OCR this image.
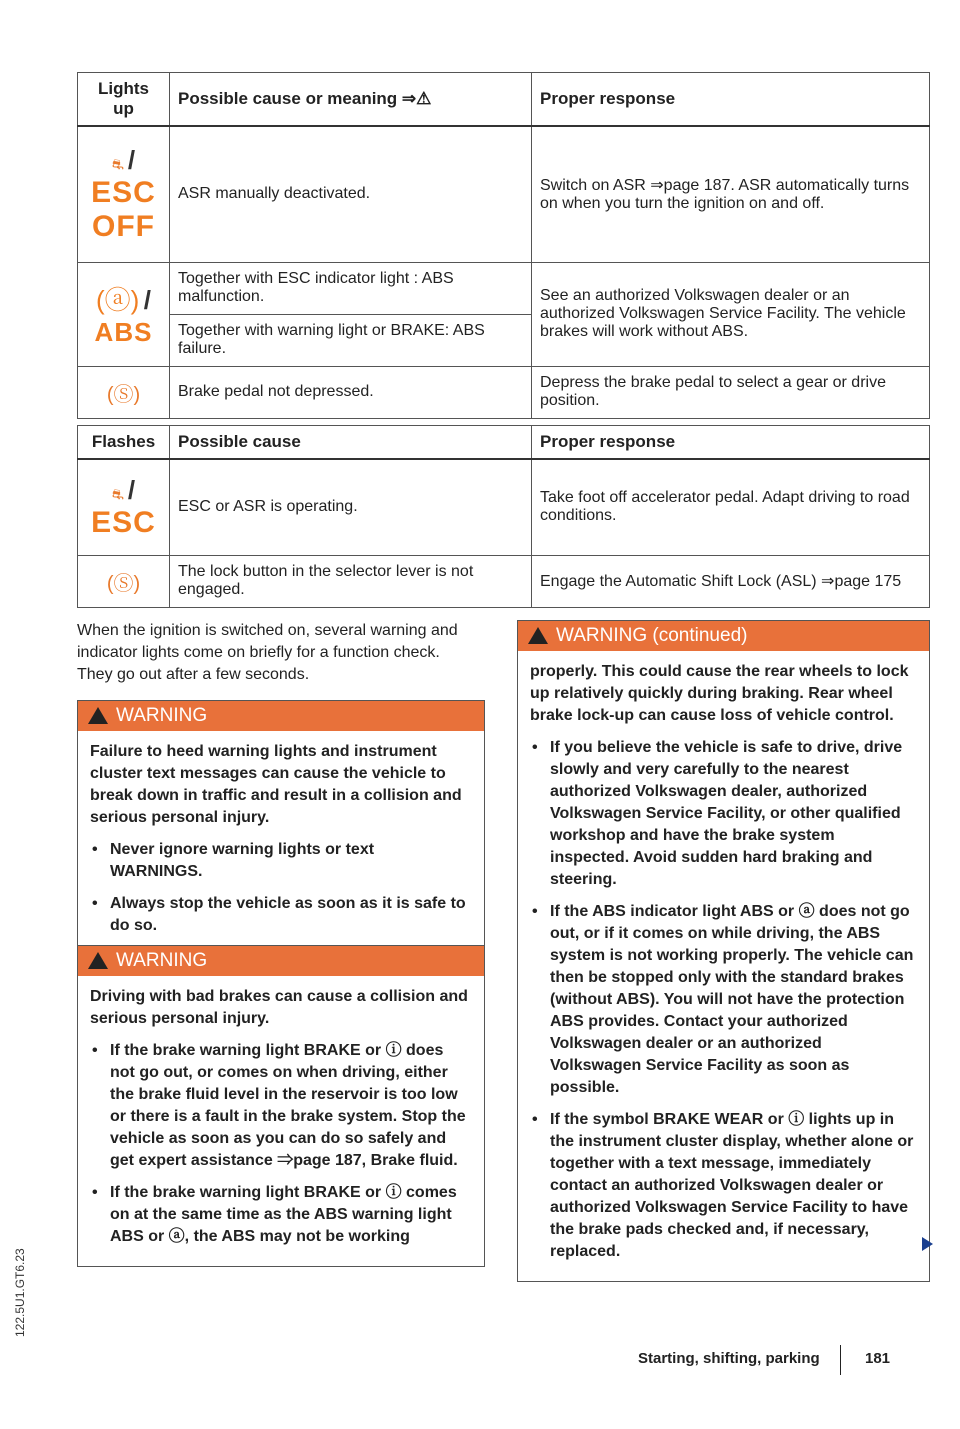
Lights up	Possible cause or meaning ⇒⚠	Proper response

⛐ /
ESC
OFF	ASR manually deactivated.	Switch on ASR ⇒page 187. ASR automatically turns on when you turn the ignition on and off.

(ⓐ) /
ABS	Together with ESC indicator light : ABS malfunction.	See an authorized Volkswagen dealer or an authorized Volkswagen Service Facility. The vehicle brakes will work without ABS.
	Together with warning light or BRAKE: ABS failure.	
(Ⓢ)	Brake pedal not depressed.	Depress the brake pedal to select a gear or drive position.
Flashes	Possible cause	Proper response

⛐ /
ESC	ESC or ASR is operating.	Take foot off accelerator pedal. Adapt driving to road conditions.
(Ⓢ)	The lock button in the selector lever is not engaged.	Engage the Automatic Shift Lock (ASL) ⇒page 175
When the ignition is switched on, several warning and indicator lights come on briefly for a function check. They go out after a few seconds.
WARNING

Failure to heed warning lights and instrument cluster text messages can cause the vehicle to break down in traffic and result in a collision and serious personal injury.

• Never ignore warning lights or text WARNINGS.
• Always stop the vehicle as soon as it is safe to do so.
WARNING

Driving with bad brakes can cause a collision and serious personal injury.

• If the brake warning light BRAKE or ⓘ does not go out, or comes on when driving, either the brake fluid level in the reservoir is too low or there is a fault in the brake system. Stop the vehicle as soon as you can do so safely and get expert assistance ⇒page 187, Brake fluid.
• If the brake warning light BRAKE or ⓘ comes on at the same time as the ABS warning light ABS or ⓐ, the ABS may not be working
WARNING (continued)

properly. This could cause the rear wheels to lock up relatively quickly during braking. Rear wheel brake lock-up can cause loss of vehicle control.

• If you believe the vehicle is safe to drive, drive slowly and very carefully to the nearest authorized Volkswagen dealer, authorized Volkswagen Service Facility, or other qualified workshop and have the brake system inspected. Avoid sudden hard braking and steering.
• If the ABS indicator light ABS or ⓐ does not go out, or if it comes on while driving, the ABS system is not working properly. The vehicle can then be stopped only with the standard brakes (without ABS). You will not have the protection ABS provides. Contact your authorized Volkswagen dealer or an authorized Volkswagen Service Facility as soon as possible.
• If the symbol BRAKE WEAR or ⓘ lights up in the instrument cluster display, whether alone or together with a text message, immediately contact an authorized Volkswagen dealer or authorized Volkswagen Service Facility to have the brake pads checked and, if necessary, replaced.
Starting, shifting, parking	181
122.5U1.GT6.23
